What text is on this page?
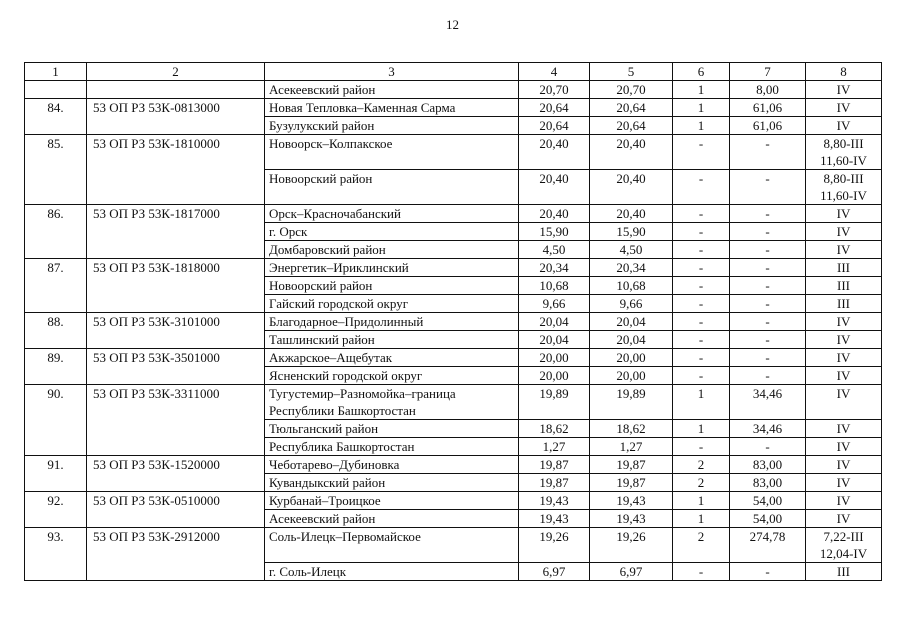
12
1	2	3	4	5	6	7	8
		Асекеевский район	20,70	20,70	1	8,00	IV
84.	53 ОП РЗ 53К-0813000	Новая Тепловка–Каменная Сарма	20,64	20,64	1	61,06	IV
		Бузулукский район	20,64	20,64	1	61,06	IV
85.	53 ОП РЗ 53К-1810000	Новоорск–Колпакское	20,40	20,40	-	-	8,80-III
11,60-IV
		Новоорский район	20,40	20,40	-	-	8,80-III
11,60-IV
86.	53 ОП РЗ 53К-1817000	Орск–Красночабанский	20,40	20,40	-	-	IV
		г. Орск	15,90	15,90	-	-	IV
		Домбаровский район	4,50	4,50	-	-	IV
87.	53 ОП РЗ 53К-1818000	Энергетик–Ириклинский	20,34	20,34	-	-	III
		Новоорский район	10,68	10,68	-	-	III
		Гайский городской округ	9,66	9,66	-	-	III
88.	53 ОП РЗ 53К-3101000	Благодарное–Придолинный	20,04	20,04	-	-	IV
		Ташлинский район	20,04	20,04	-	-	IV
89.	53 ОП РЗ 53К-3501000	Акжарское–Ащебутак	20,00	20,00	-	-	IV
		Ясненский городской округ	20,00	20,00	-	-	IV
90.	53 ОП РЗ 53К-3311000	Тугустемир–Разномойка–граница
Республики Башкортостан	19,89	19,89	1	34,46	IV
		Тюльганский район	18,62	18,62	1	34,46	IV
		Республика Башкортостан	1,27	1,27	-	-	IV
91.	53 ОП РЗ 53К-1520000	Чеботарево–Дубиновка	19,87	19,87	2	83,00	IV
		Кувандыкский район	19,87	19,87	2	83,00	IV
92.	53 ОП РЗ 53К-0510000	Курбанай–Троицкое	19,43	19,43	1	54,00	IV
		Асекеевский район	19,43	19,43	1	54,00	IV
93.	53 ОП РЗ 53К-2912000	Соль-Илецк–Первомайское	19,26	19,26	2	274,78	7,22-III
12,04-IV
		г. Соль-Илецк	6,97	6,97	-	-	III
